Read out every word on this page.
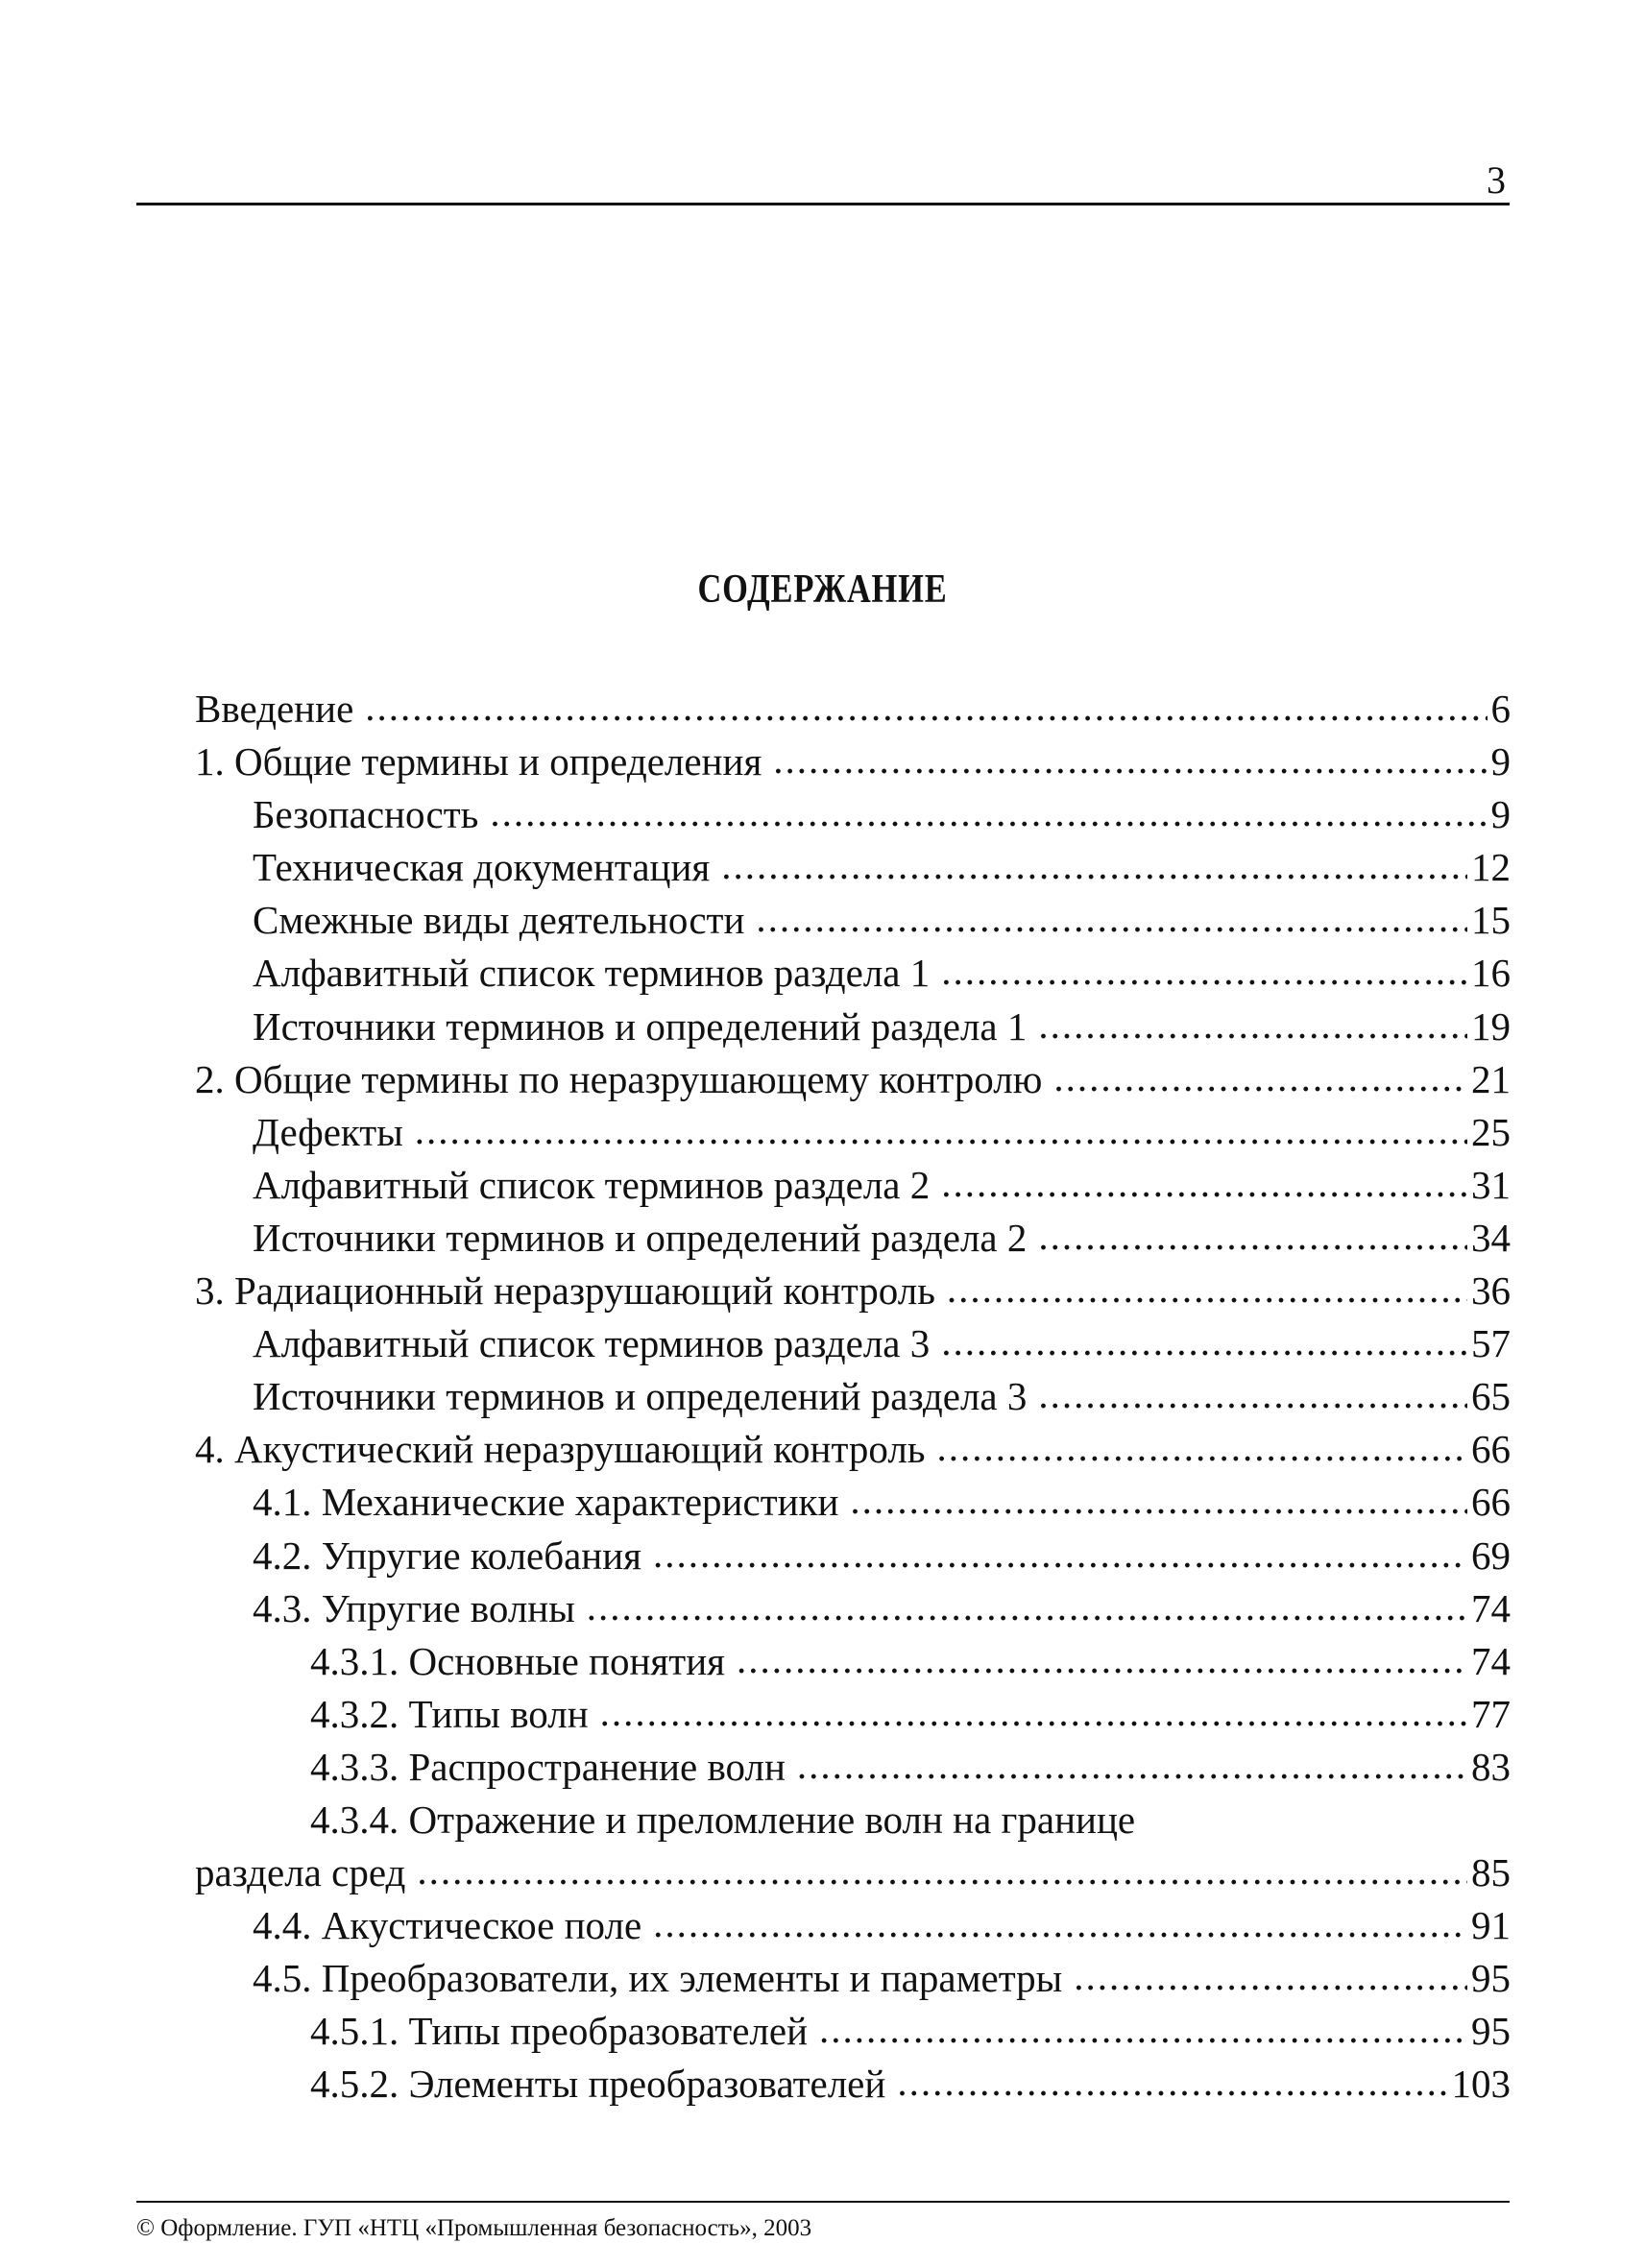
3
СОДЕРЖАНИЕ
Введение .....	6
1. Общие термины и определения .....	9
Безопасность .....	9
Техническая документация .....	12
Смежные виды деятельности .....	15
Алфавитный список терминов раздела 1 .....	16
Источники терминов и определений раздела 1 .....	19
2. Общие термины по неразрушающему контролю .....	21
Дефекты .....	25
Алфавитный список терминов раздела 2 .....	31
Источники терминов и определений раздела 2 .....	34
3. Радиационный неразрушающий контроль .....	36
Алфавитный список терминов раздела 3 .....	57
Источники терминов и определений раздела 3 .....	65
4. Акустический неразрушающий контроль .....	66
4.1. Механические характеристики .....	66
4.2. Упругие колебания .....	69
4.3. Упругие волны .....	74
4.3.1. Основные понятия .....	74
4.3.2. Типы волн .....	77
4.3.3. Распространение волн .....	83
4.3.4. Отражение и преломление волн на границе
раздела сред .....	85
4.4. Акустическое поле .....	91
4.5. Преобразователи, их элементы и параметры .....	95
4.5.1. Типы преобразователей .....	95
4.5.2. Элементы преобразователей .....	103
© Оформление. ГУП «НТЦ «Промышленная безопасность», 2003
